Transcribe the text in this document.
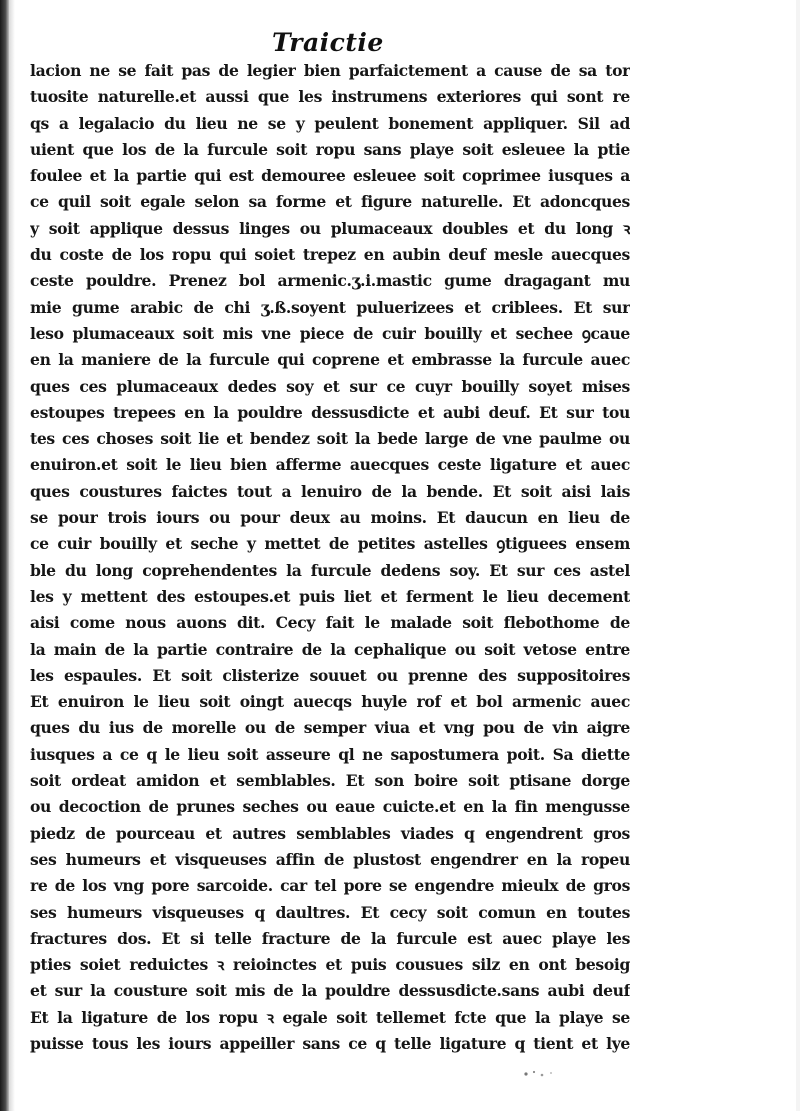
Traictie
lacion ne se fait pas de legier bien parfaictement a cause de sa tor
tuosite naturelle.et aussi que les instrumens exteriores qui sont re
qs a legalacio du lieu ne se y peulent bonement appliquer. Sil ad
uient que los de la furcule soit ropu sans playe soit esleuee la ptie
foulee et la partie qui est demouree esleuee soit coprimee iusques a
ce quil soit egale selon sa forme et figure naturelle. Et adoncques
y soit applique dessus linges ou plumaceaux doubles et du long ꝛ
du coste de los ropu qui soiet trepez en aubin deuf mesle auecques
ceste pouldre. Prenez bol armenic.ʒ.i.mastic gume dragagant mu
mie gume arabic de chi ʒ.ß.soyent puluerizees et criblees. Et sur
leso plumaceaux soit mis vne piece de cuir bouilly et sechee ꝯcaue
en la maniere de la furcule qui coprene et embrasse la furcule auec
ques ces plumaceaux dedes soy et sur ce cuyr bouilly soyet mises
estoupes trepees en la pouldre dessusdicte et aubi deuf. Et sur tou
tes ces choses soit lie et bendez soit la bede large de vne paulme ou
enuiron.et soit le lieu bien afferme auecques ceste ligature et auec
ques coustures faictes tout a lenuiro de la bende. Et soit aisi lais
se pour trois iours ou pour deux au moins. Et daucun en lieu de
ce cuir bouilly et seche y mettet de petites astelles ꝯtiguees ensem
ble du long coprehendentes la furcule dedens soy. Et sur ces astel
les y mettent des estoupes.et puis liet et ferment le lieu decement
aisi come nous auons dit. Cecy fait le malade soit flebothome de
la main de la partie contraire de la cephalique ou soit vetose entre
les espaules. Et soit clisterize souuet ou prenne des suppositoires
Et enuiron le lieu soit oingt auecqs huyle rof et bol armenic auec
ques du ius de morelle ou de semper viua et vng pou de vin aigre
iusques a ce q le lieu soit asseure ql ne sapostumera poit. Sa diette
soit ordeat amidon et semblables. Et son boire soit ptisane dorge
ou decoction de prunes seches ou eaue cuicte.et en la fin mengusse
piedz de pourceau et autres semblables viades q engendrent gros
ses humeurs et visqueuses affin de plustost engendrer en la ropeu
re de los vng pore sarcoide. car tel pore se engendre mieulx de gros
ses humeurs visqueuses q daultres. Et cecy soit comun en toutes
fractures dos. Et si telle fracture de la furcule est auec playe les
pties soiet reduictes ꝛ reioinctes et puis cousues silz en ont besoig
et sur la cousture soit mis de la pouldre dessusdicte.sans aubi deuf
Et la ligature de los ropu ꝛ egale soit tellemet fcte que la playe se
puisse tous les iours appeiller sans ce q telle ligature q tient et lye
